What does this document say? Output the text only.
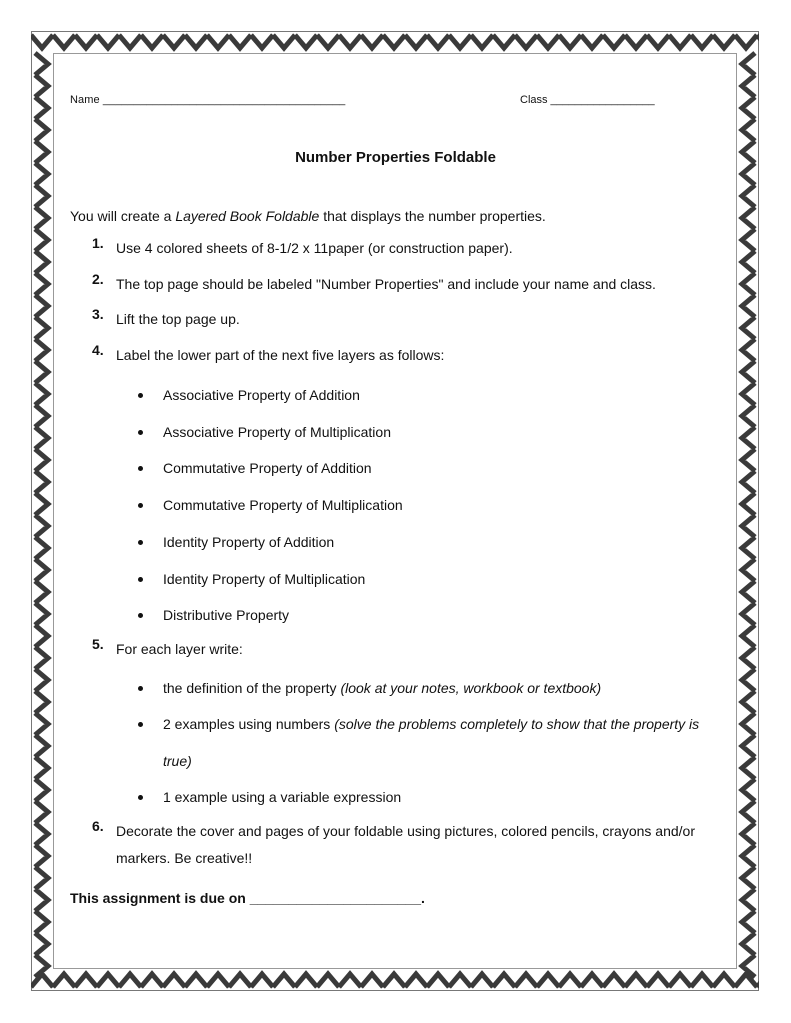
Name _______________________________________	Class _________________
Number Properties Foldable
You will create a Layered Book Foldable that displays the number properties.
1. Use 4 colored sheets of 8-1/2 x 11paper (or construction paper).
2. The top page should be labeled "Number Properties" and include your name and class.
3. Lift the top page up.
4. Label the lower part of the next five layers as follows:
Associative Property of Addition
Associative Property of Multiplication
Commutative Property of Addition
Commutative Property of Multiplication
Identity Property of Addition
Identity Property of Multiplication
Distributive Property
5. For each layer write:
the definition of the property (look at your notes, workbook or textbook)
2 examples using numbers (solve the problems completely to show that the property is true)
1 example using a variable expression
6. Decorate the cover and pages of your foldable using pictures, colored pencils, crayons and/or markers. Be creative!!
This assignment is due on ______________________.
